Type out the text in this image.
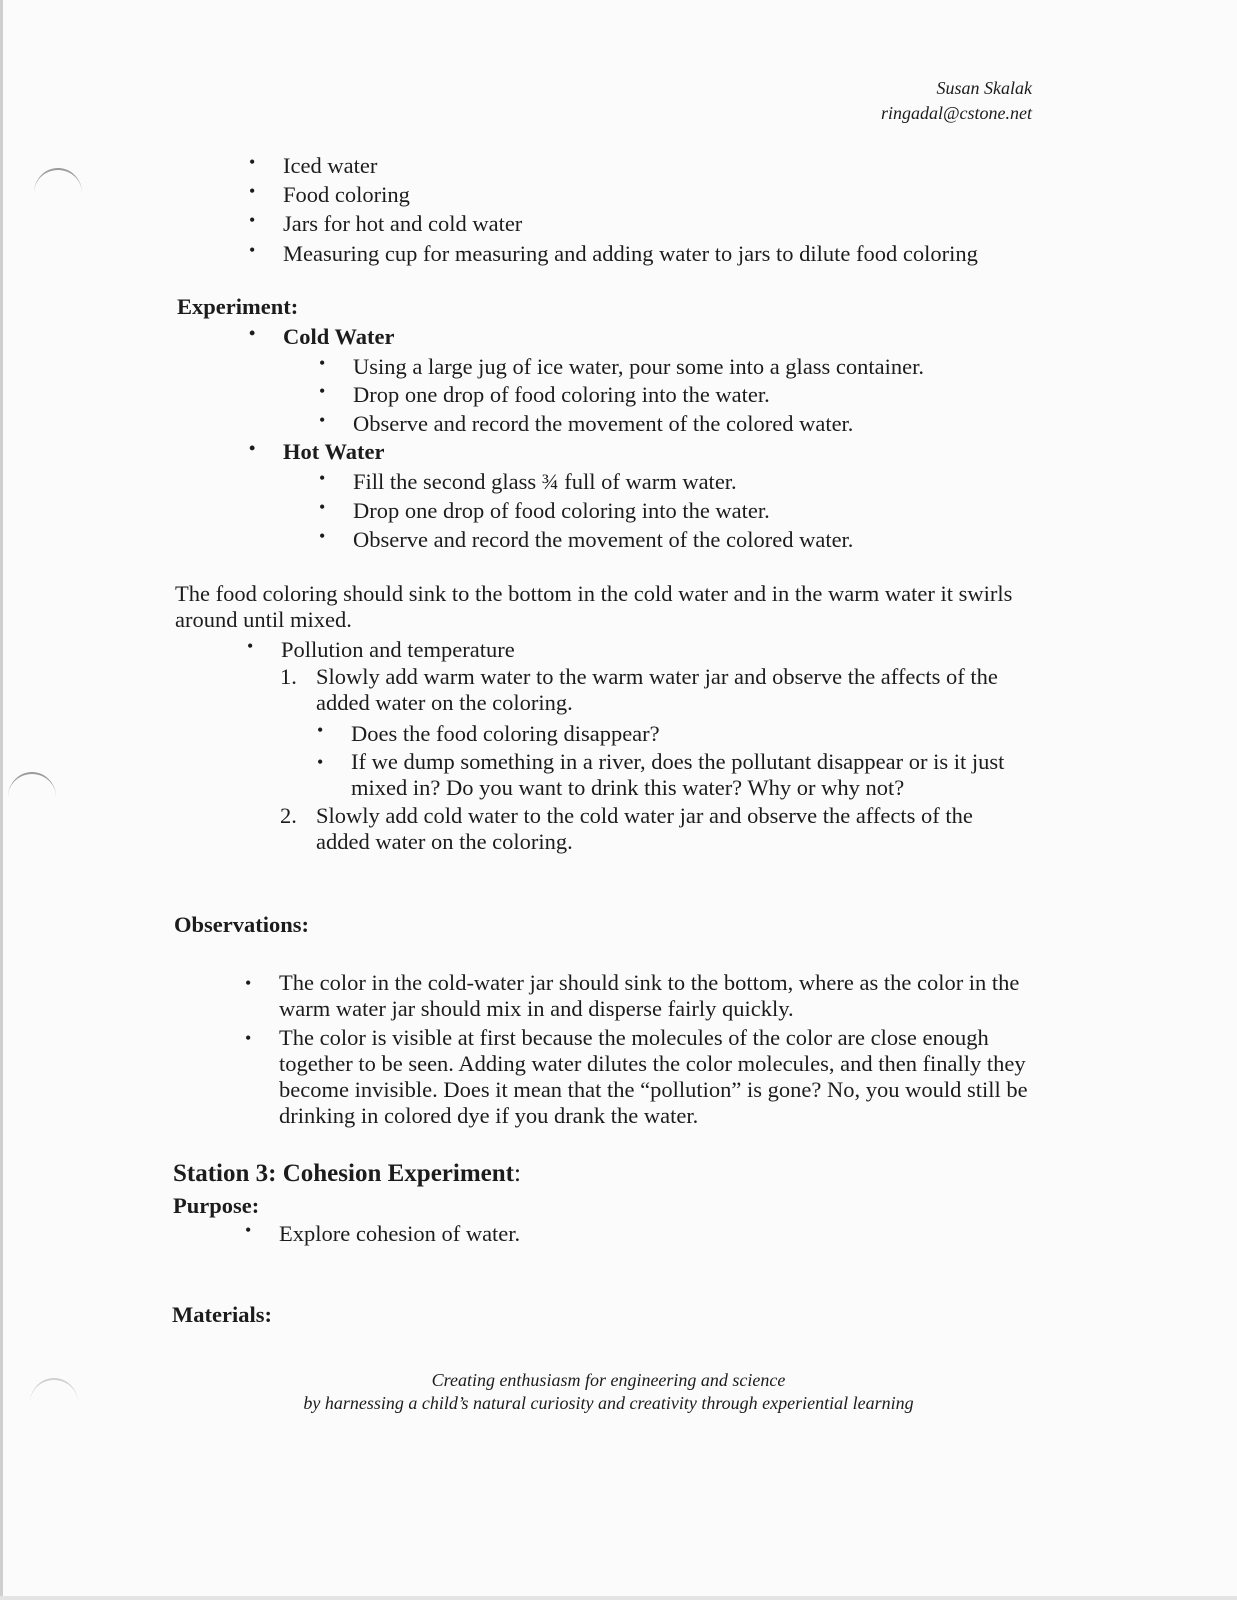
Susan Skalak
ringadal@cstone.net
• Iced water
• Food coloring
• Jars for hot and cold water
• Measuring cup for measuring and adding water to jars to dilute food coloring
Experiment:
• Cold Water
• Using a large jug of ice water, pour some into a glass container.
• Drop one drop of food coloring into the water.
• Observe and record the movement of the colored water.
• Hot Water
• Fill the second glass ¾ full of warm water.
• Drop one drop of food coloring into the water.
• Observe and record the movement of the colored water.
The food coloring should sink to the bottom in the cold water and in the warm water it swirls around until mixed.
• Pollution and temperature
1. Slowly add warm water to the warm water jar and observe the affects of the added water on the coloring.
• Does the food coloring disappear?
• If we dump something in a river, does the pollutant disappear or is it just mixed in? Do you want to drink this water? Why or why not?
2. Slowly add cold water to the cold water jar and observe the affects of the added water on the coloring.
Observations:
• The color in the cold-water jar should sink to the bottom, where as the color in the warm water jar should mix in and disperse fairly quickly.
• The color is visible at first because the molecules of the color are close enough together to be seen. Adding water dilutes the color molecules, and then finally they become invisible. Does it mean that the “pollution” is gone? No, you would still be drinking in colored dye if you drank the water.
Station 3: Cohesion Experiment:
Purpose:
• Explore cohesion of water.
Materials:
Creating enthusiasm for engineering and science
by harnessing a child’s natural curiosity and creativity through experiential learning
